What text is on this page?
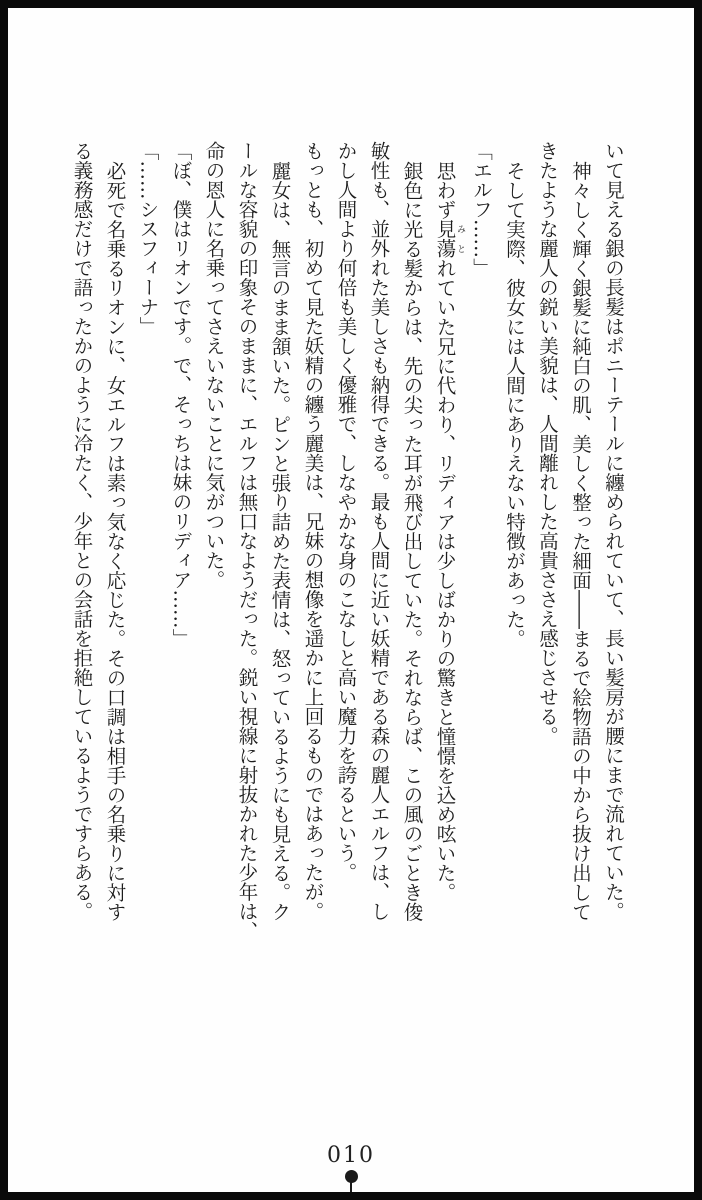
いて見える銀の長髪はポニーテールに纏められていて、長い髪房が腰にまで流れていた。
神々しく輝く銀髪に純白の肌、美しく整った細面――まるで絵物語の中から抜け出して
きたような麗人の鋭い美貌は、人間離れした高貴ささえ感じさせる。
そして実際、彼女には人間にありえない特徴があった。
「エルフ……」
思わず見蕩みとれていた兄に代わり、リディアは少しばかりの驚きと憧憬を込め呟いた。
銀色に光る髪からは、先の尖った耳が飛び出していた。それならば、この風のごとき俊
敏性も、並外れた美しさも納得できる。最も人間に近い妖精である森の麗人エルフは、し
かし人間より何倍も美しく優雅で、しなやかな身のこなしと高い魔力を誇るという。
もっとも、初めて見た妖精の纏う麗美は、兄妹の想像を遥かに上回るものではあったが。
麗女は、無言のまま頷いた。ピンと張り詰めた表情は、怒っているようにも見える。ク
ールな容貌の印象そのままに、エルフは無口なようだった。鋭い視線に射抜かれた少年は、
命の恩人に名乗ってさえいないことに気がついた。
「ぼ、僕はリオンです。で、そっちは妹のリディア……」
「……シスフィーナ」
必死で名乗るリオンに、女エルフは素っ気なく応じた。その口調は相手の名乗りに対す
る義務感だけで語ったかのように冷たく、少年との会話を拒絶しているようですらある。
010
